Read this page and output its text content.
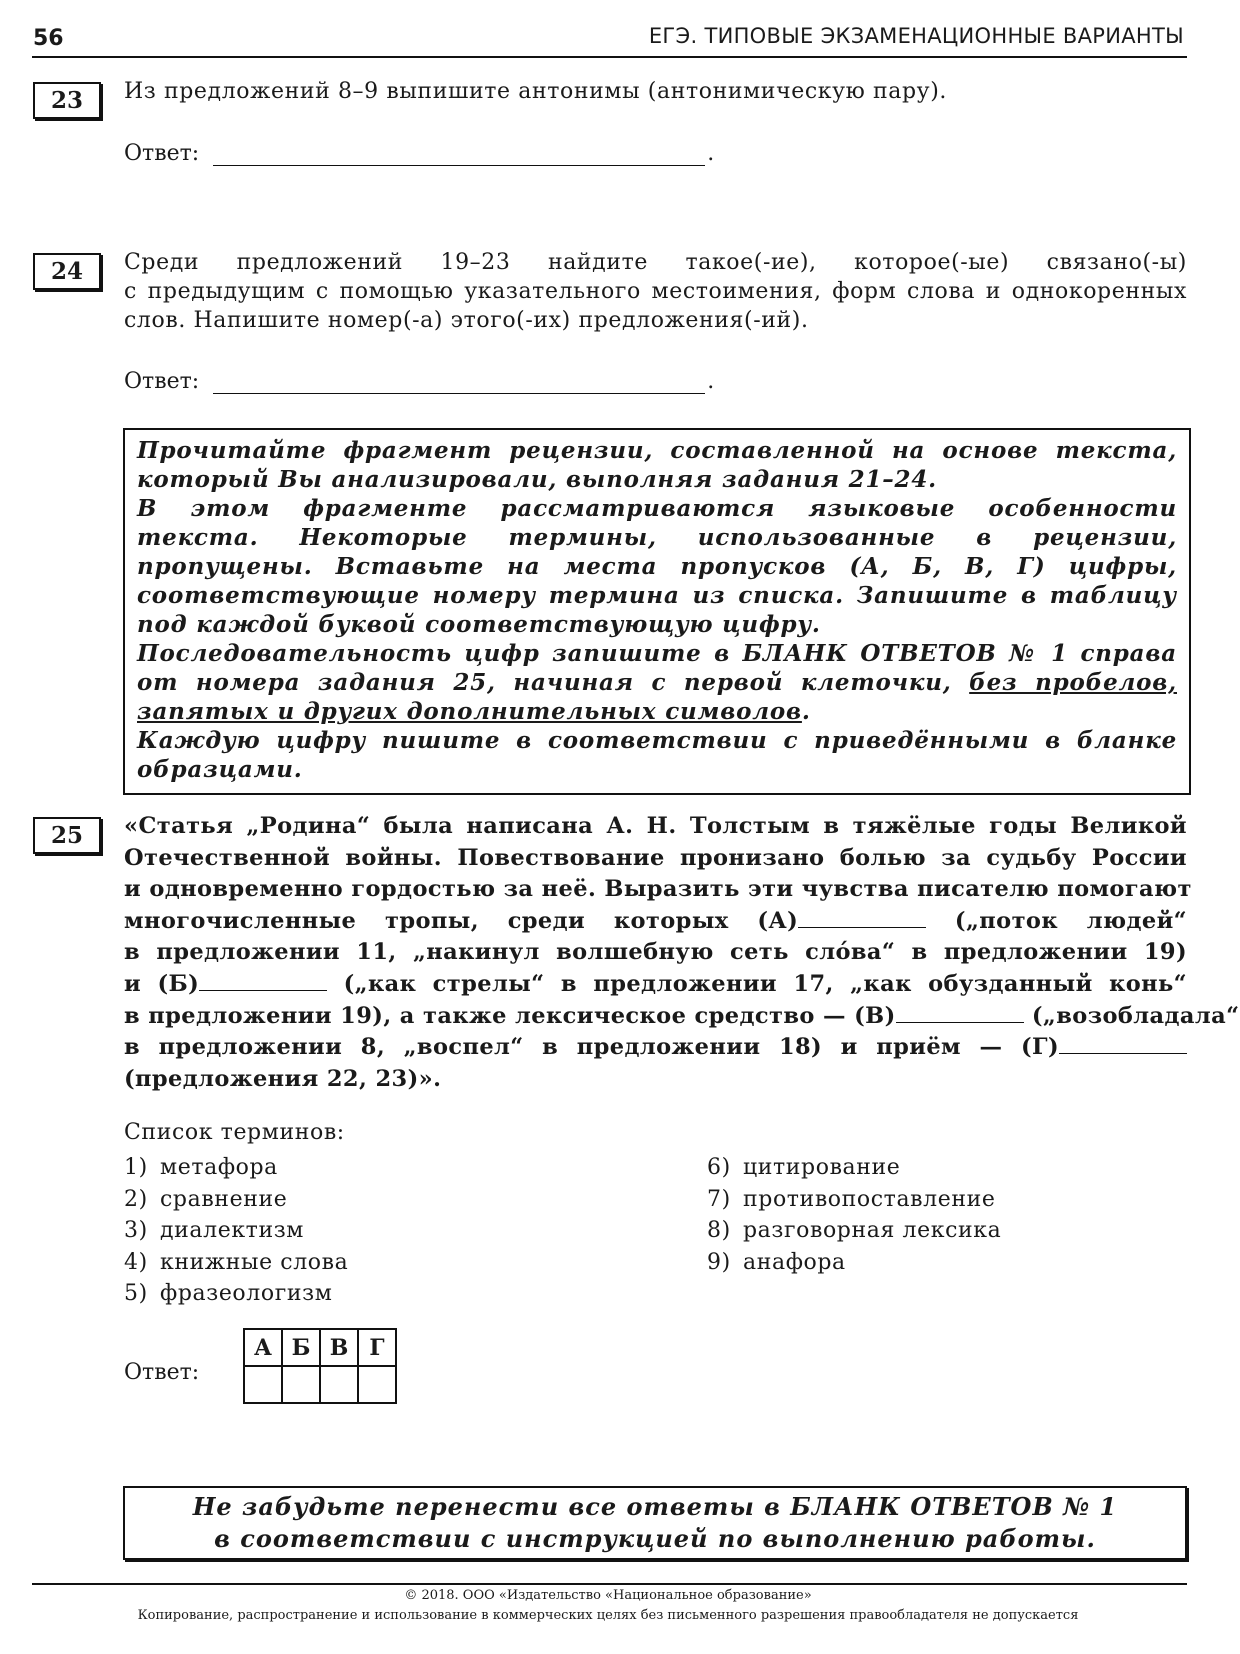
56	ЕГЭ. ТИПОВЫЕ ЭКЗАМЕНАЦИОННЫЕ ВАРИАНТЫ
23	Из предложений 8–9 выпишите антонимы (антонимическую пару).
Ответ:	.
24	Среди предложений 19–23 найдите такое(-ие), которое(-ые) связано(-ы)
с предыдущим с помощью указательного местоимения, форм слова и однокоренных
слов. Напишите номер(-а) этого(-их) предложения(-ий).
Ответ:	.

Прочитайте фрагмент рецензии, составленной на основе текста, который Вы анализировали, выполняя задания 21–24.

В этом фрагменте рассматриваются языковые особенности текста. Некоторые термины, использованные в рецензии, пропущены. Вставьте на места пропусков (А, Б, В, Г) цифры, соответствующие номеру термина из списка. Запишите в таблицу под каждой буквой соответствующую цифру.

Последовательность цифр запишите в БЛАНК ОТВЕТОВ № 1 справа от номера задания 25, начиная с первой клеточки, без пробелов, запятых и других дополнительных символов.

Каждую цифру пишите в соответствии с приведёнными в бланке образцами.

25	«Статья „Родина“ была написана А. Н. Толстым в тяжёлые годы Великой
Отечественной войны. Повествование пронизано болью за судьбу России
и одновременно гордостью за неё. Выразить эти чувства писателю помогают
многочисленные тропы, среди которых (А)	(„поток людей“
в предложении 11, „накинул волшебную сеть сло́ва“ в предложении 19)
и (Б)	(„как стрелы“ в предложении 17, „как обузданный конь“
в предложении 19), а также лексическое средство — (В)	(„возобладала“
в предложении 8, „воспел“ в предложении 18) и приём — (Г)
(предложения 22, 23)».
Список терминов:
1) метафора
2) сравнение
3) диалектизм
4) книжные слова
5) фразеологизм
6) цитирование
7) противопоставление
8) разговорная лексика
9) анафора
Ответ:
А	Б	В	Г

Не забудьте перенести все ответы в БЛАНК ОТВЕТОВ № 1
в соответствии с инструкцией по выполнению работы.
© 2018. ООО «Издательство «Национальное образование»
Копирование, распространение и использование в коммерческих целях без письменного разрешения правообладателя не допускается
